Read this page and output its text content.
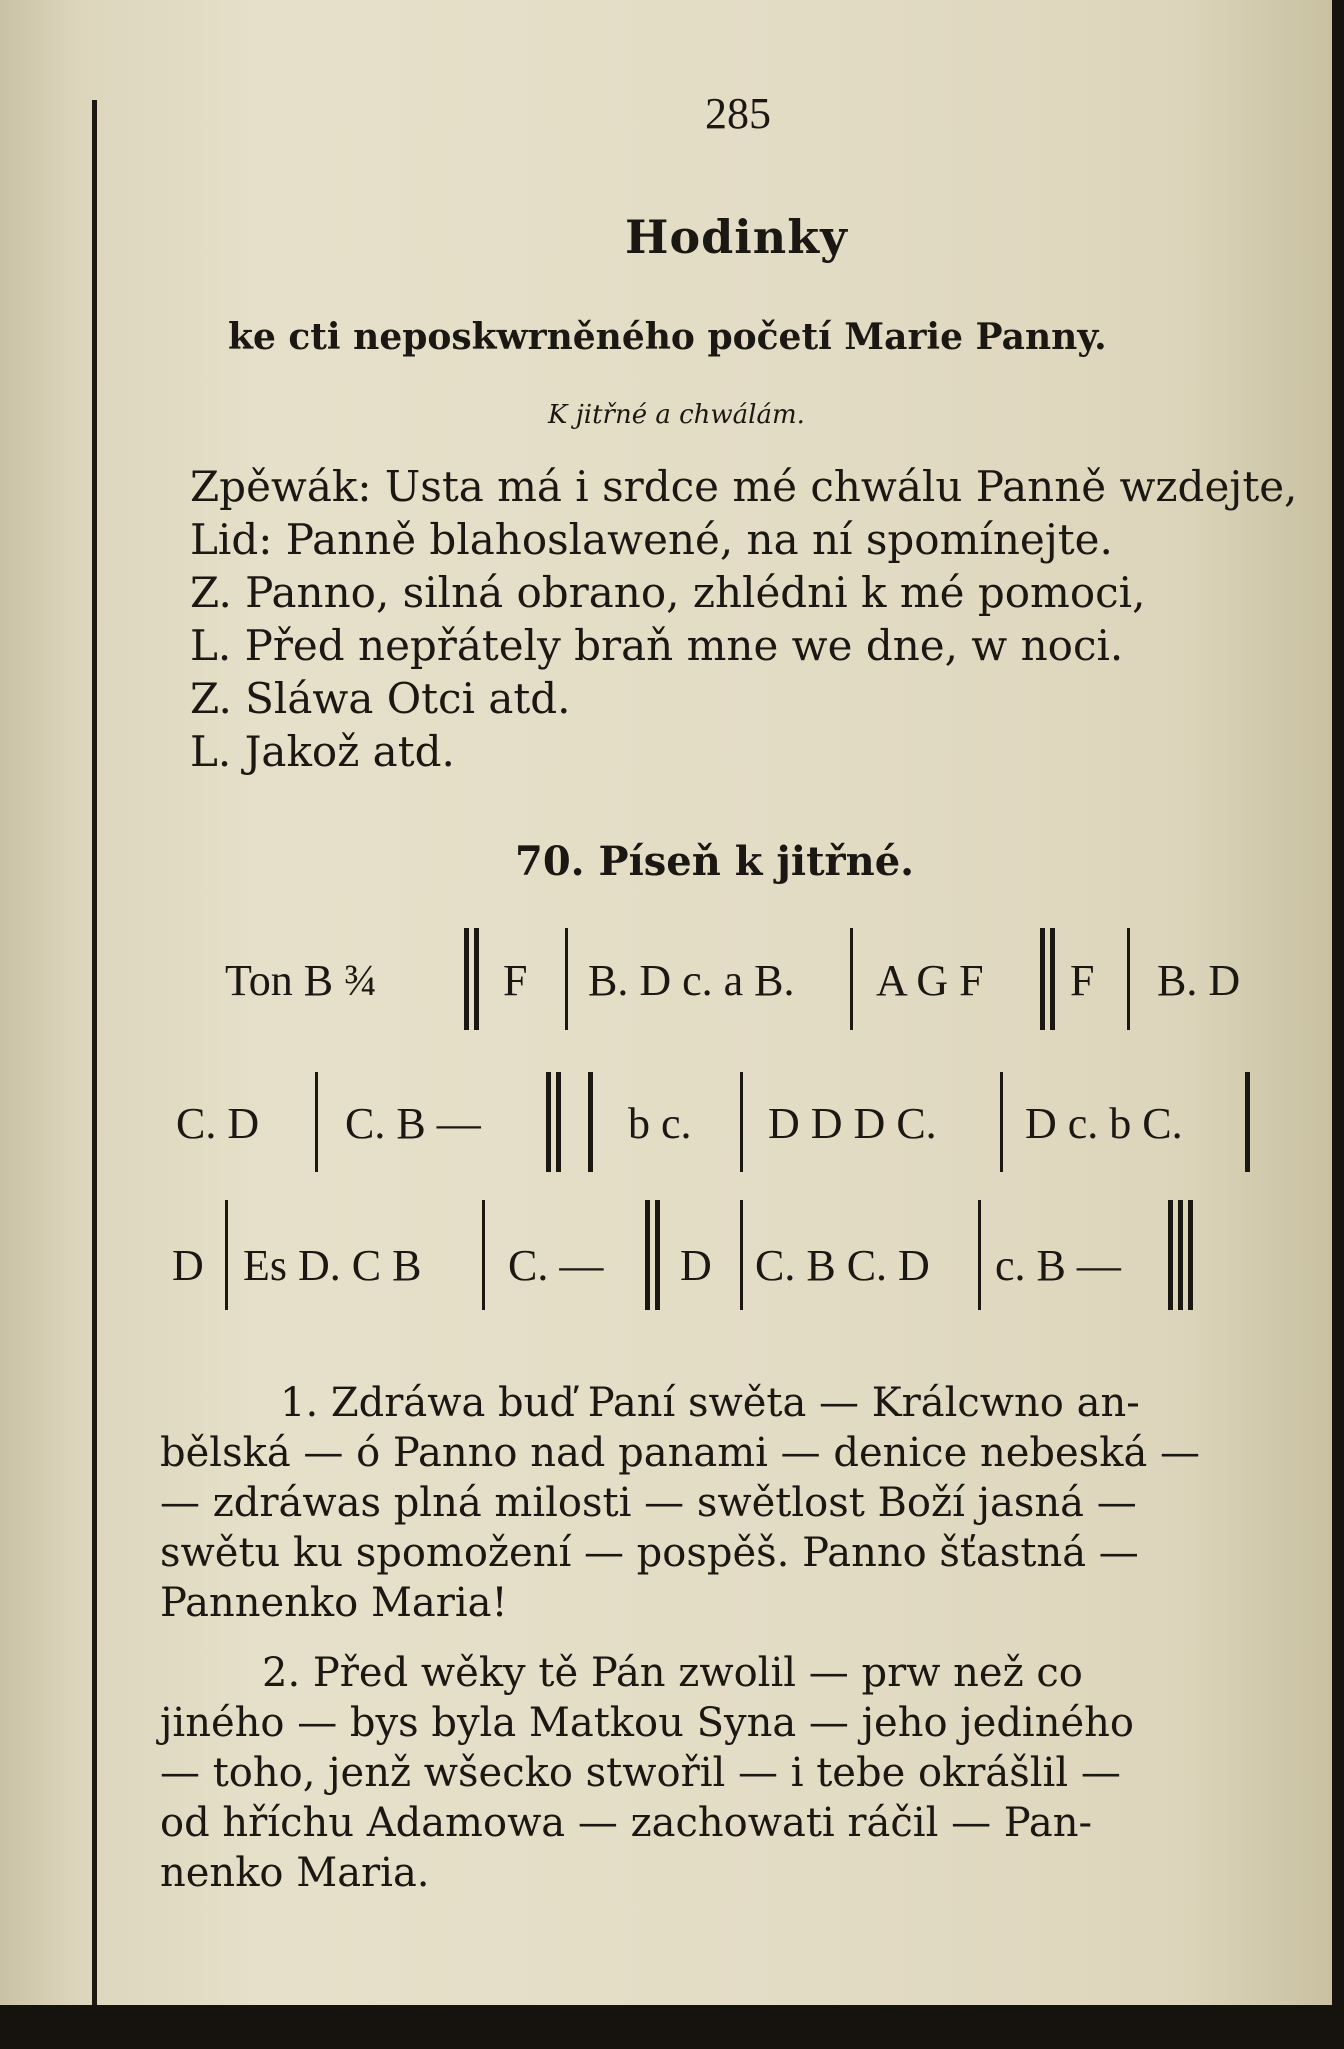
285
Hodinky
ke cti neposkwrněného početí Marie Panny.
K jitřné a chwálám.
Zpěwák: Usta má i srdce mé chwálu Panně wzdejte,
Lid: Panně blahoslawené, na ní spomínejte.
Z. Panno, silná obrano, zhlédni k mé pomoci,
L. Před nepřátely braň mne we dne, w noci.
Z. Sláwa Otci atd.
L. Jakož atd.
70. Píseň k jitřné.
Ton B ¾	F B. D c. a B. A G F F B. D
C. D C. B —	b c. D D D C. D c. b C.
D Es D. C B C. — D C. B C. D c. B —
1. Zdráwa buď Paní swěta — Králcwno an-
bělská — ó Panno nad panami — denice nebeská —
— zdráwas plná milosti — swětlost Boží jasná —
swětu ku spomožení — pospěš. Panno šťastná —
Pannenko Maria!
2. Před wěky tě Pán zwolil — prw než co
jiného — bys byla Matkou Syna — jeho jediného
— toho, jenž wšecko stwořil — i tebe okrášlil —
od hříchu Adamowa — zachowati ráčil — Pan-
nenko Maria.
